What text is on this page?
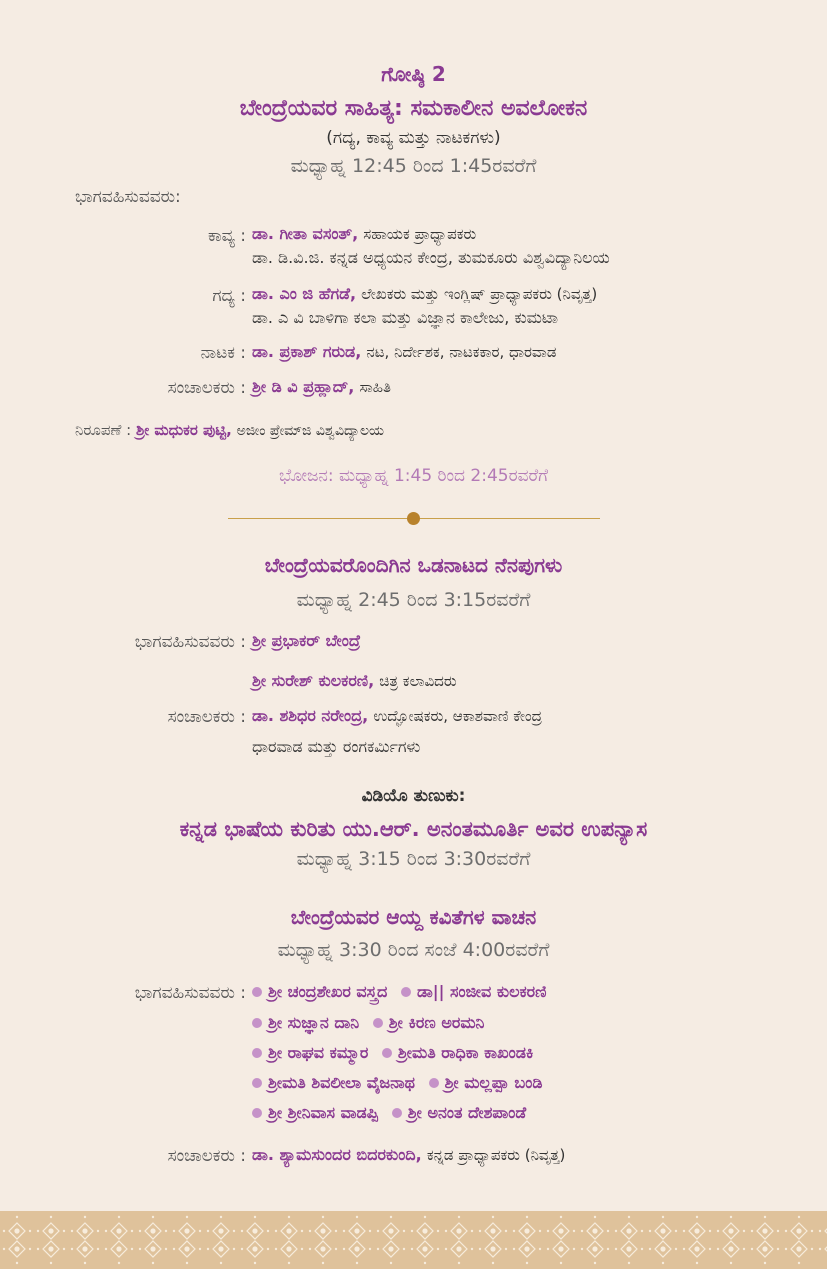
ಗೋಷ್ಠಿ 2
ಬೇಂದ್ರೆಯವರ ಸಾಹಿತ್ಯ: ಸಮಕಾಲೀನ ಅವಲೋಕನ
(ಗದ್ಯ, ಕಾವ್ಯ ಮತ್ತು ನಾಟಕಗಳು)
ಮಧ್ಯಾಹ್ನ 12:45 ರಿಂದ 1:45ರವರೆಗೆ
ಭಾಗವಹಿಸುವವರು:
ಕಾವ್ಯ : ಡಾ. ಗೀತಾ ವಸಂತ್, ಸಹಾಯಕ ಪ್ರಾಧ್ಯಾಪಕರು
ಡಾ. ಡಿ.ವಿ.ಜಿ. ಕನ್ನಡ ಅಧ್ಯಯನ ಕೇಂದ್ರ, ತುಮಕೂರು ವಿಶ್ವವಿದ್ಯಾನಿಲಯ
ಗದ್ಯ : ಡಾ. ಎಂ ಜಿ ಹೆಗಡೆ, ಲೇಖಕರು ಮತ್ತು ಇಂಗ್ಲಿಷ್ ಪ್ರಾಧ್ಯಾಪಕರು (ನಿವೃತ್ತ)
ಡಾ. ಎ ವಿ ಬಾಳಿಗಾ ಕಲಾ ಮತ್ತು ವಿಜ್ಞಾನ ಕಾಲೇಜು, ಕುಮಟಾ
ನಾಟಕ : ಡಾ. ಪ್ರಕಾಶ್ ಗರುಡ, ನಟ, ನಿರ್ದೇಶಕ, ನಾಟಕಕಾರ, ಧಾರವಾಡ
ಸಂಚಾಲಕರು : ಶ್ರೀ ಡಿ ವಿ ಪ್ರಹ್ಲಾದ್, ಸಾಹಿತಿ
ನಿರೂಪಣೆ : ಶ್ರೀ ಮಧುಕರ ಪುಟ್ಟಿ, ಅಜೀಂ ಪ್ರೇಮ್‌ಜಿ ವಿಶ್ವವಿದ್ಯಾಲಯ
ಭೋಜನ: ಮಧ್ಯಾಹ್ನ 1:45 ರಿಂದ 2:45ರವರೆಗೆ
ಬೇಂದ್ರೆಯವರೊಂದಿಗಿನ ಒಡನಾಟದ ನೆನಪುಗಳು
ಮಧ್ಯಾಹ್ನ 2:45 ರಿಂದ 3:15ರವರೆಗೆ
ಭಾಗವಹಿಸುವವರು : ಶ್ರೀ ಪ್ರಭಾಕರ್ ಬೇಂದ್ರೆ
ಶ್ರೀ ಸುರೇಶ್ ಕುಲಕರಣಿ, ಚಿತ್ರ ಕಲಾವಿದರು
ಸಂಚಾಲಕರು : ಡಾ. ಶಶಿಧರ ನರೇಂದ್ರ, ಉದ್ಘೋಷಕರು, ಆಕಾಶವಾಣಿ ಕೇಂದ್ರ
ಧಾರವಾಡ ಮತ್ತು ರಂಗಕರ್ಮಿಗಳು
ವಿಡಿಯೊ ತುಣುಕು:
ಕನ್ನಡ ಭಾಷೆಯ ಕುರಿತು ಯು.ಆರ್. ಅನಂತಮೂರ್ತಿ ಅವರ ಉಪನ್ಯಾಸ
ಮಧ್ಯಾಹ್ನ 3:15 ರಿಂದ 3:30ರವರೆಗೆ
ಬೇಂದ್ರೆಯವರ ಆಯ್ದ ಕವಿತೆಗಳ ವಾಚನ
ಮಧ್ಯಾಹ್ನ 3:30 ರಿಂದ ಸಂಜೆ 4:00ರವರೆಗೆ
ಭಾಗವಹಿಸುವವರು :	ಶ್ರೀ ಚಂದ್ರಶೇಖರ ವಸ್ತ್ರದ ಡಾ|| ಸಂಜೀವ ಕುಲಕರಣಿ
ಶ್ರೀ ಸುಜ್ಞಾನ ದಾನಿ ಶ್ರೀ ಕಿರಣ ಅರಮನಿ
ಶ್ರೀ ರಾಘವ ಕಮ್ಮಾರ ಶ್ರೀಮತಿ ರಾಧಿಕಾ ಕಾಖಂಡಕಿ
ಶ್ರೀಮತಿ ಶಿವಲೀಲಾ ವೈಜನಾಥ ಶ್ರೀ ಮಲ್ಲಪ್ಪಾ ಬಂಡಿ
ಶ್ರೀ ಶ್ರೀನಿವಾಸ ವಾಡಪ್ಪಿ ಶ್ರೀ ಅನಂತ ದೇಶಪಾಂಡೆ
ಸಂಚಾಲಕರು : ಡಾ. ಶ್ಯಾಮಸುಂದರ ಬಿದರಕುಂದಿ, ಕನ್ನಡ ಪ್ರಾಧ್ಯಾಪಕರು (ನಿವೃತ್ತ)
